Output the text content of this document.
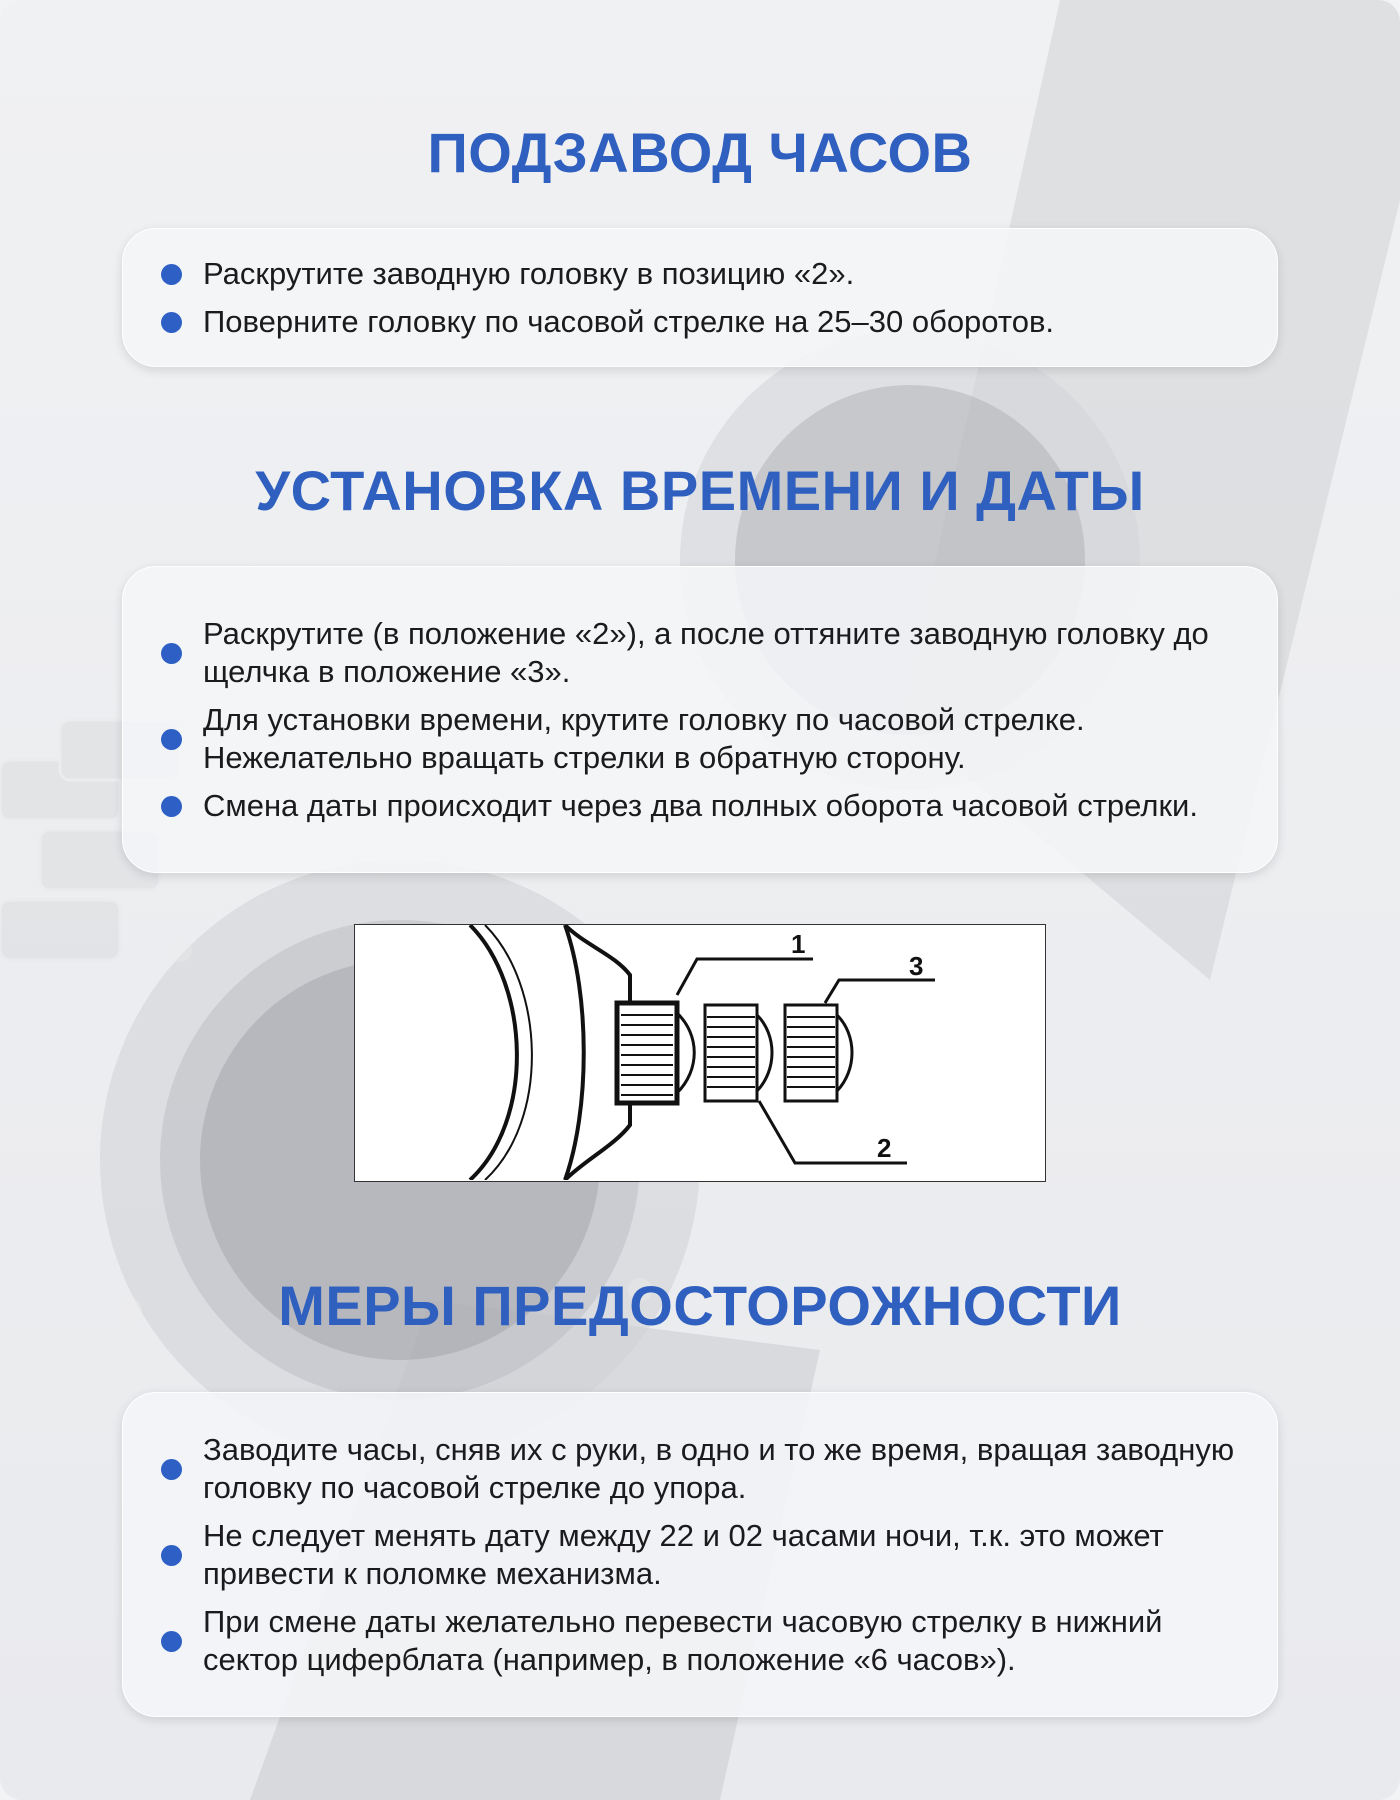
ПОДЗАВОД ЧАСОВ
Раскрутите заводную головку в позицию «2».
Поверните головку по часовой стрелке на 25–30 оборотов.
УСТАНОВКА ВРЕМЕНИ И ДАТЫ
Раскрутите (в положение «2»), а после оттяните заводную головку до щелчка в положение «3».
Для установки времени, крутите головку по часовой стрелке. Нежелательно вращать стрелки в обратную сторону.
Смена даты происходит через два полных оборота часовой стрелки.
1
2
3
МЕРЫ ПРЕДОСТОРОЖНОСТИ
Заводите часы, сняв их с руки, в одно и то же время, вращая заводную головку по часовой стрелке до упора.
Не следует менять дату между 22 и 02 часами ночи, т.к. это может привести к поломке механизма.
При смене даты желательно перевести часовую стрелку в нижний сектор циферблата (например, в положение «6 часов»).
